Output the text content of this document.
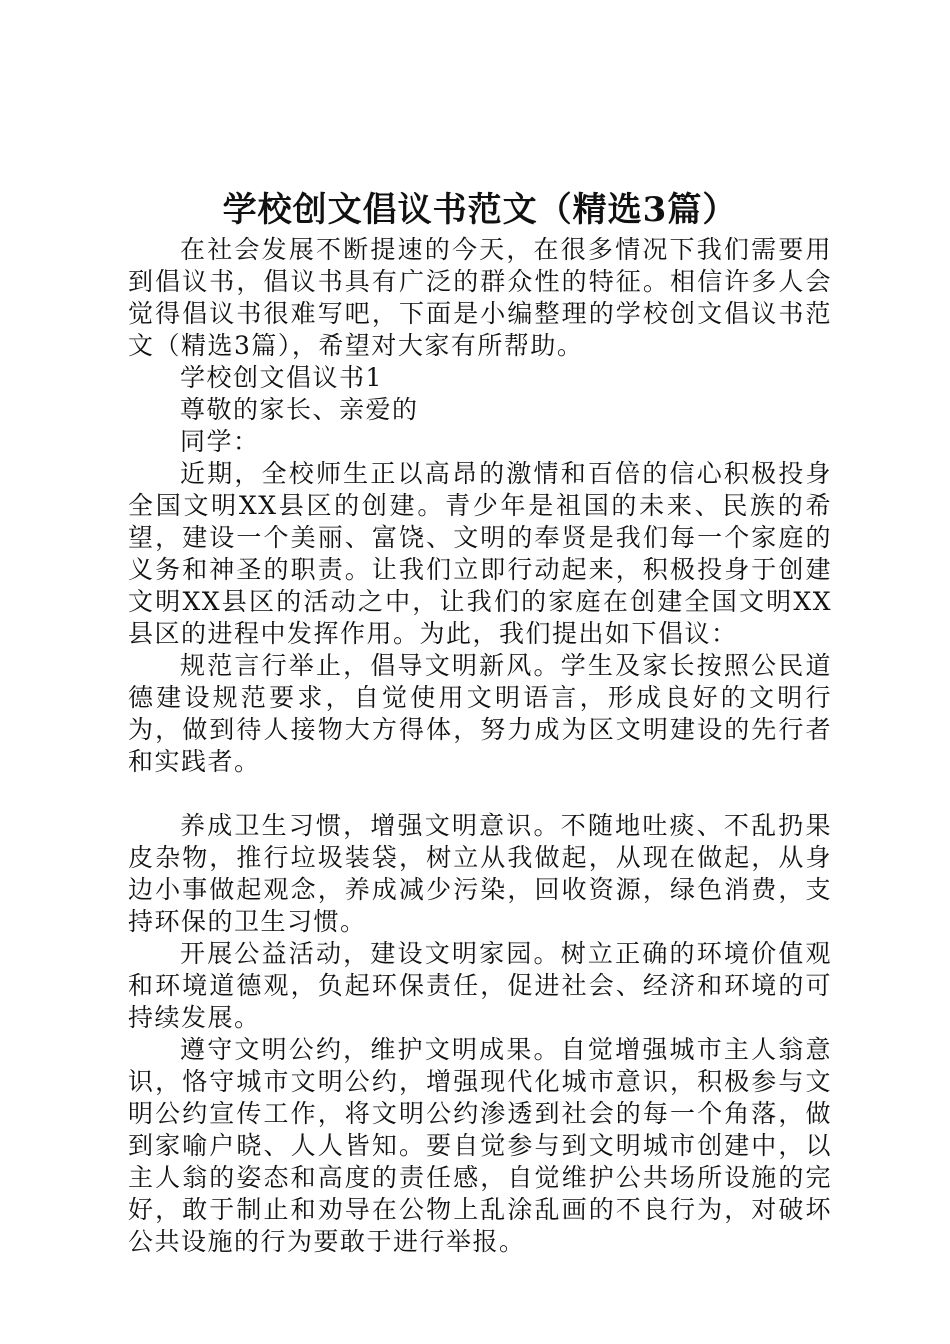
学校创文倡议书范文（精选3篇）

在社会发展不断提速的今天，在很多情况下我们需要用到倡议书，倡议书具有广泛的群众性的特征。相信许多人会觉得倡议书很难写吧，下面是小编整理的学校创文倡议书范文（精选3篇），希望对大家有所帮助。

学校创文倡议书1

尊敬的家长、亲爱的

同学：

近期，全校师生正以高昂的激情和百倍的信心积极投身全国文明XX县区的创建。青少年是祖国的未来、民族的希望，建设一个美丽、富饶、文明的奉贤是我们每一个家庭的义务和神圣的职责。让我们立即行动起来，积极投身于创建文明XX县区的活动之中，让我们的家庭在创建全国文明XX县区的进程中发挥作用。为此，我们提出如下倡议：

规范言行举止，倡导文明新风。学生及家长按照公民道德建设规范要求，自觉使用文明语言，形成良好的文明行为，做到待人接物大方得体，努力成为区文明建设的先行者和实践者。

养成卫生习惯，增强文明意识。不随地吐痰、不乱扔果皮杂物，推行垃圾装袋，树立从我做起，从现在做起，从身边小事做起观念，养成减少污染，回收资源，绿色消费，支持环保的卫生习惯。

开展公益活动，建设文明家园。树立正确的环境价值观和环境道德观，负起环保责任，促进社会、经济和环境的可持续发展。

遵守文明公约，维护文明成果。自觉增强城市主人翁意识，恪守城市文明公约，增强现代化城市意识，积极参与文明公约宣传工作，将文明公约渗透到社会的每一个角落，做到家喻户晓、人人皆知。要自觉参与到文明城市创建中，以主人翁的姿态和高度的责任感，自觉维护公共场所设施的完好，敢于制止和劝导在公物上乱涂乱画的不良行为，对破坏公共设施的行为要敢于进行举报。
